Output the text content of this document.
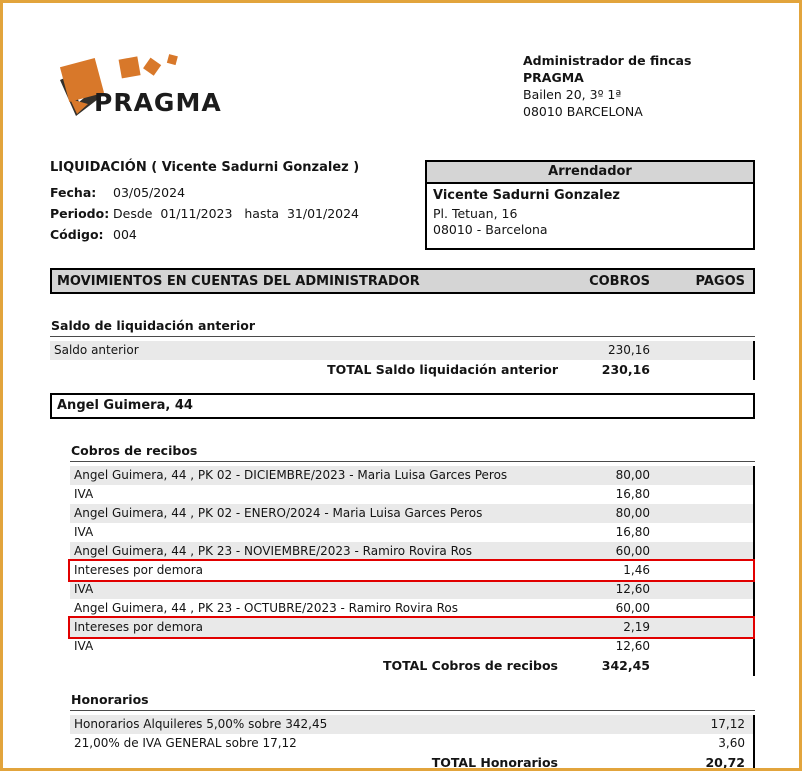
PRAGMA
Administrador de fincas
PRAGMA
Bailen 20, 3º 1ª
08010 BARCELONA
LIQUIDACIÓN ( Vicente Sadurni Gonzalez )
Fecha:	03/05/2024
Periodo: Desde  01/11/2023   hasta  31/01/2024
Código: 004
Arrendador
Vicente Sadurni Gonzalez
Pl. Tetuan, 16
08010 - Barcelona
MOVIMIENTOS EN CUENTAS DEL ADMINISTRADOR	COBROS	PAGOS
Saldo de liquidación anterior
Saldo anterior	230,16
TOTAL Saldo liquidación anterior	230,16
Angel Guimera, 44
Cobros de recibos
Angel Guimera, 44 , PK 02 - DICIEMBRE/2023 - Maria Luisa Garces Peros	80,00
IVA	16,80
Angel Guimera, 44 , PK 02 - ENERO/2024 - Maria Luisa Garces Peros	80,00
IVA	16,80
Angel Guimera, 44 , PK 23 - NOVIEMBRE/2023 - Ramiro Rovira Ros	60,00
Intereses por demora	1,46
IVA	12,60
Angel Guimera, 44 , PK 23 - OCTUBRE/2023 - Ramiro Rovira Ros	60,00
Intereses por demora	2,19
IVA	12,60
TOTAL Cobros de recibos	342,45
Honorarios
Honorarios Alquileres 5,00% sobre 342,45	17,12
21,00% de IVA GENERAL sobre 17,12	3,60
TOTAL Honorarios	20,72
